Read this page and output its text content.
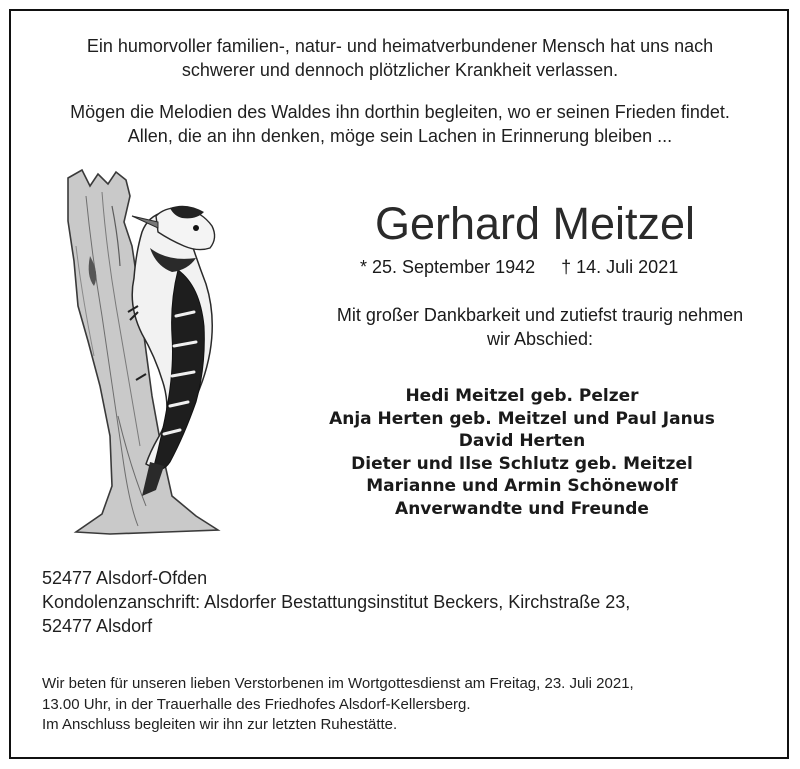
Ein humorvoller familien-, natur- und heimatverbundener Mensch hat uns nach
schwerer und dennoch plötzlicher Krankheit verlassen.
Mögen die Melodien des Waldes ihn dorthin begleiten, wo er seinen Frieden findet.
Allen, die an ihn denken, möge sein Lachen in Erinnerung bleiben ...
Gerhard Meitzel
* 25. September 1942 † 14. Juli 2021
Mit großer Dankbarkeit und zutiefst traurig nehmen
wir Abschied:
Hedi Meitzel geb. Pelzer
Anja Herten geb. Meitzel und Paul Janus
David Herten
Dieter und Ilse Schlutz geb. Meitzel
Marianne und Armin Schönewolf
Anverwandte und Freunde
52477 Alsdorf-Ofden
Kondolenzanschrift: Alsdorfer Bestattungsinstitut Beckers, Kirchstraße 23,
52477 Alsdorf
Wir beten für unseren lieben Verstorbenen im Wortgottesdienst am Freitag, 23. Juli 2021,
13.00 Uhr, in der Trauerhalle des Friedhofes Alsdorf-Kellersberg.
Im Anschluss begleiten wir ihn zur letzten Ruhestätte.
